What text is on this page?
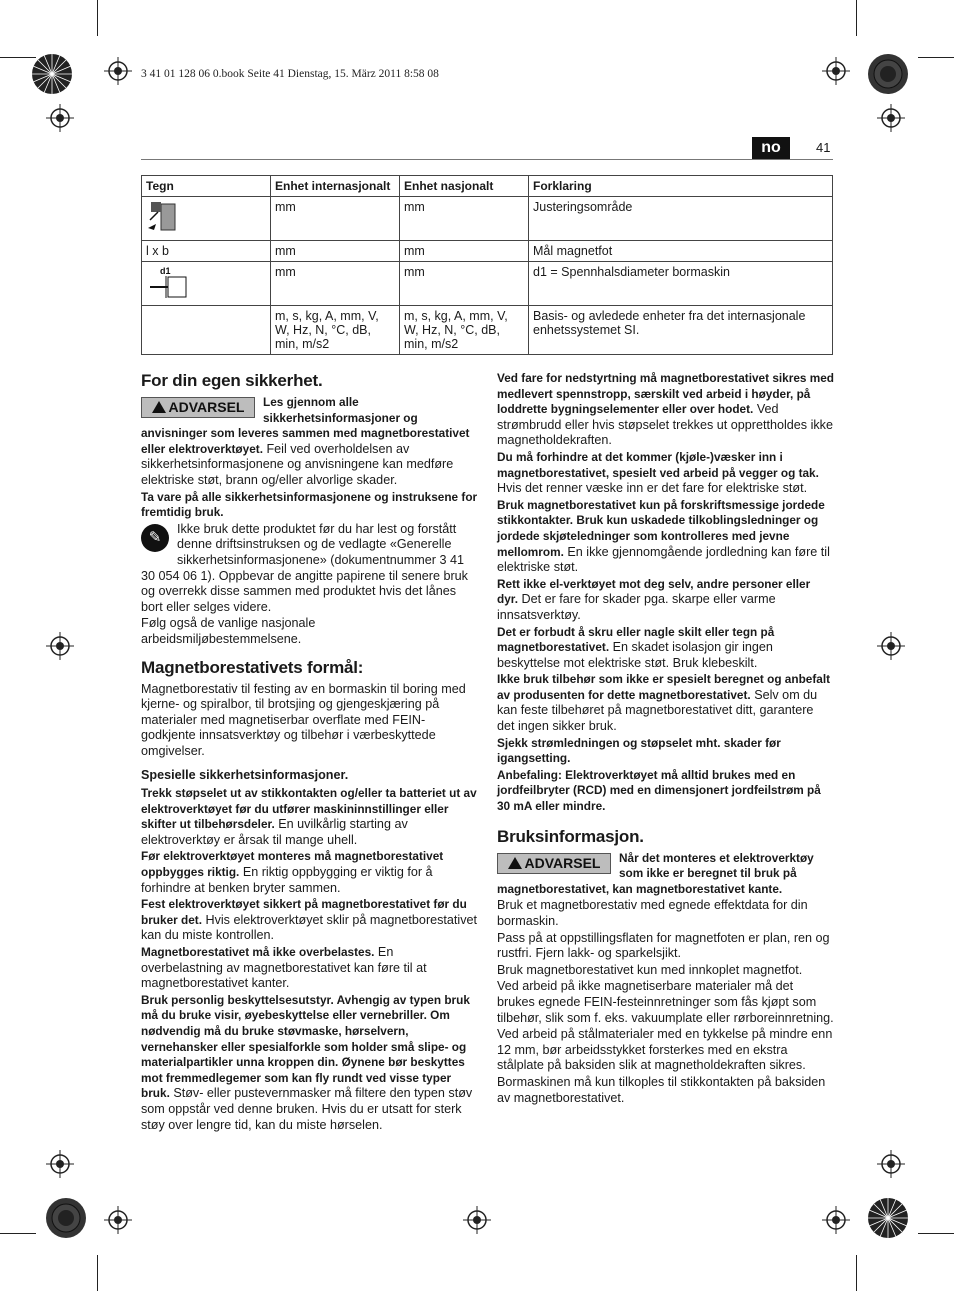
3 41 01 128 06 0.book Seite 41 Dienstag, 15. März 2011 8:58 08
no	41
Tegn	Enhet internasjonalt	Enhet nasjonalt	Forklaring
	mm	mm	Justeringsområde
l x b	mm	mm	Mål magnetfot

d1	mm	mm	d1 = Spennhalsdiameter bormaskin
	m, s, kg, A, mm, V, W, Hz, N, °C, dB, min, m/s2	m, s, kg, A, mm, V, W, Hz, N, °C, dB, min, m/s2	Basis- og avledede enheter fra det internasjonale enhetssystemet SI.
For din egen sikkerhet.

ADVARSEL	Les gjennom alle sikkerhetsinformasjoner og anvisninger som leveres sammen med magnetborestativet eller elektroverktøyet. Feil ved overholdelsen av sikkerhetsinformasjonene og anvisningene kan medføre elektriske støt, brann og/eller alvorlige skader.

Ta vare på alle sikkerhetsinformasjonene og instruksene for fremtidig bruk.

✎	Ikke bruk dette produktet før du har lest og forstått denne driftsinstruksen og de vedlagte «Generelle sikkerhetsinformasjonene» (dokumentnummer 3 41 30 054 06 1). Oppbevar de angitte papirene til senere bruk og overrekk disse sammen med produktet hvis det lånes bort eller selges videre.

Følg også de vanlige nasjonale arbeidsmiljøbestemmelsene.

Magnetborestativets formål:

Magnetborestativ til festing av en bormaskin til boring med kjerne- og spiralbor, til brotsjing og gjengeskjæring på materialer med magnetiserbar overflate med FEIN-godkjente innsatsverktøy og tilbehør i værbeskyttede omgivelser.

Spesielle sikkerhetsinformasjoner.

Trekk støpselet ut av stikkontakten og/eller ta batteriet ut av elektroverktøyet før du utfører maskininnstillinger eller skifter ut tilbehørsdeler. En uvilkårlig starting av elektroverktøy er årsak til mange uhell.

Før elektroverktøyet monteres må magnetborestativet oppbygges riktig. En riktig oppbygging er viktig for å forhindre at benken bryter sammen.

Fest elektroverktøyet sikkert på magnetborestativet før du bruker det. Hvis elektroverktøyet sklir på magnetborestativet kan du miste kontrollen.

Magnetborestativet må ikke overbelastes. En overbelastning av magnetborestativet kan føre til at magnetborestativet kanter.

Bruk personlig beskyttelsesutstyr. Avhengig av typen bruk må du bruke visir, øyebeskyttelse eller vernebriller. Om nødvendig må du bruke støvmaske, hørselvern, vernehansker eller spesialforkle som holder små slipe- og materialpartikler unna kroppen din. Øynene bør beskyttes mot fremmedlegemer som kan fly rundt ved visse typer bruk. Støv- eller pustevernmasker må filtere den typen støv som oppstår ved denne bruken. Hvis du er utsatt for sterk støy over lengre tid, kan du miste hørselen.

Ved fare for nedstyrtning må magnetborestativet sikres med medlevert spennstropp, særskilt ved arbeid i høyder, på loddrette bygningselementer eller over hodet. Ved strømbrudd eller hvis støpselet trekkes ut opprettholdes ikke magnetholdekraften.

Du må forhindre at det kommer (kjøle-)væsker inn i magnetborestativet, spesielt ved arbeid på vegger og tak. Hvis det renner væske inn er det fare for elektriske støt.

Bruk magnetborestativet kun på forskriftsmessige jordede stikkontakter. Bruk kun uskadede tilkoblingsledninger og jordede skjøteledninger som kontrolleres med jevne mellomrom. En ikke gjennomgående jordledning kan føre til elektriske støt.

Rett ikke el-verktøyet mot deg selv, andre personer eller dyr. Det er fare for skader pga. skarpe eller varme innsatsverktøy.

Det er forbudt å skru eller nagle skilt eller tegn på magnetborestativet. En skadet isolasjon gir ingen beskyttelse mot elektriske støt. Bruk klebeskilt.

Ikke bruk tilbehør som ikke er spesielt beregnet og anbefalt av produsenten for dette magnetborestativet. Selv om du kan feste tilbehøret på magnetborestativet ditt, garantere det ingen sikker bruk.

Sjekk strømledningen og støpselet mht. skader før igangsetting.

Anbefaling: Elektroverktøyet må alltid brukes med en jordfeilbryter (RCD) med en dimensjonert jordfeilstrøm på 30 mA eller mindre.

Bruksinformasjon.

ADVARSEL	Når det monteres et elektroverktøy som ikke er beregnet til bruk på magnetborestativet, kan magnetborestativet kante.

Bruk et magnetborestativ med egnede effektdata for din bormaskin.

Pass på at oppstillingsflaten for magnetfoten er plan, ren og rustfri. Fjern lakk- og sparkelsjikt.

Bruk magnetborestativet kun med innkoplet magnetfot.

Ved arbeid på ikke magnetiserbare materialer må det brukes egnede FEIN-festeinnretninger som fås kjøpt som tilbehør, slik som f. eks. vakuumplate eller rørboreinnretning.

Ved arbeid på stålmaterialer med en tykkelse på mindre enn 12 mm, bør arbeidsstykket forsterkes med en ekstra stålplate på baksiden slik at magnetholdekraften sikres.

Bormaskinen må kun tilkoples til stikkontakten på baksiden av magnetborestativet.
